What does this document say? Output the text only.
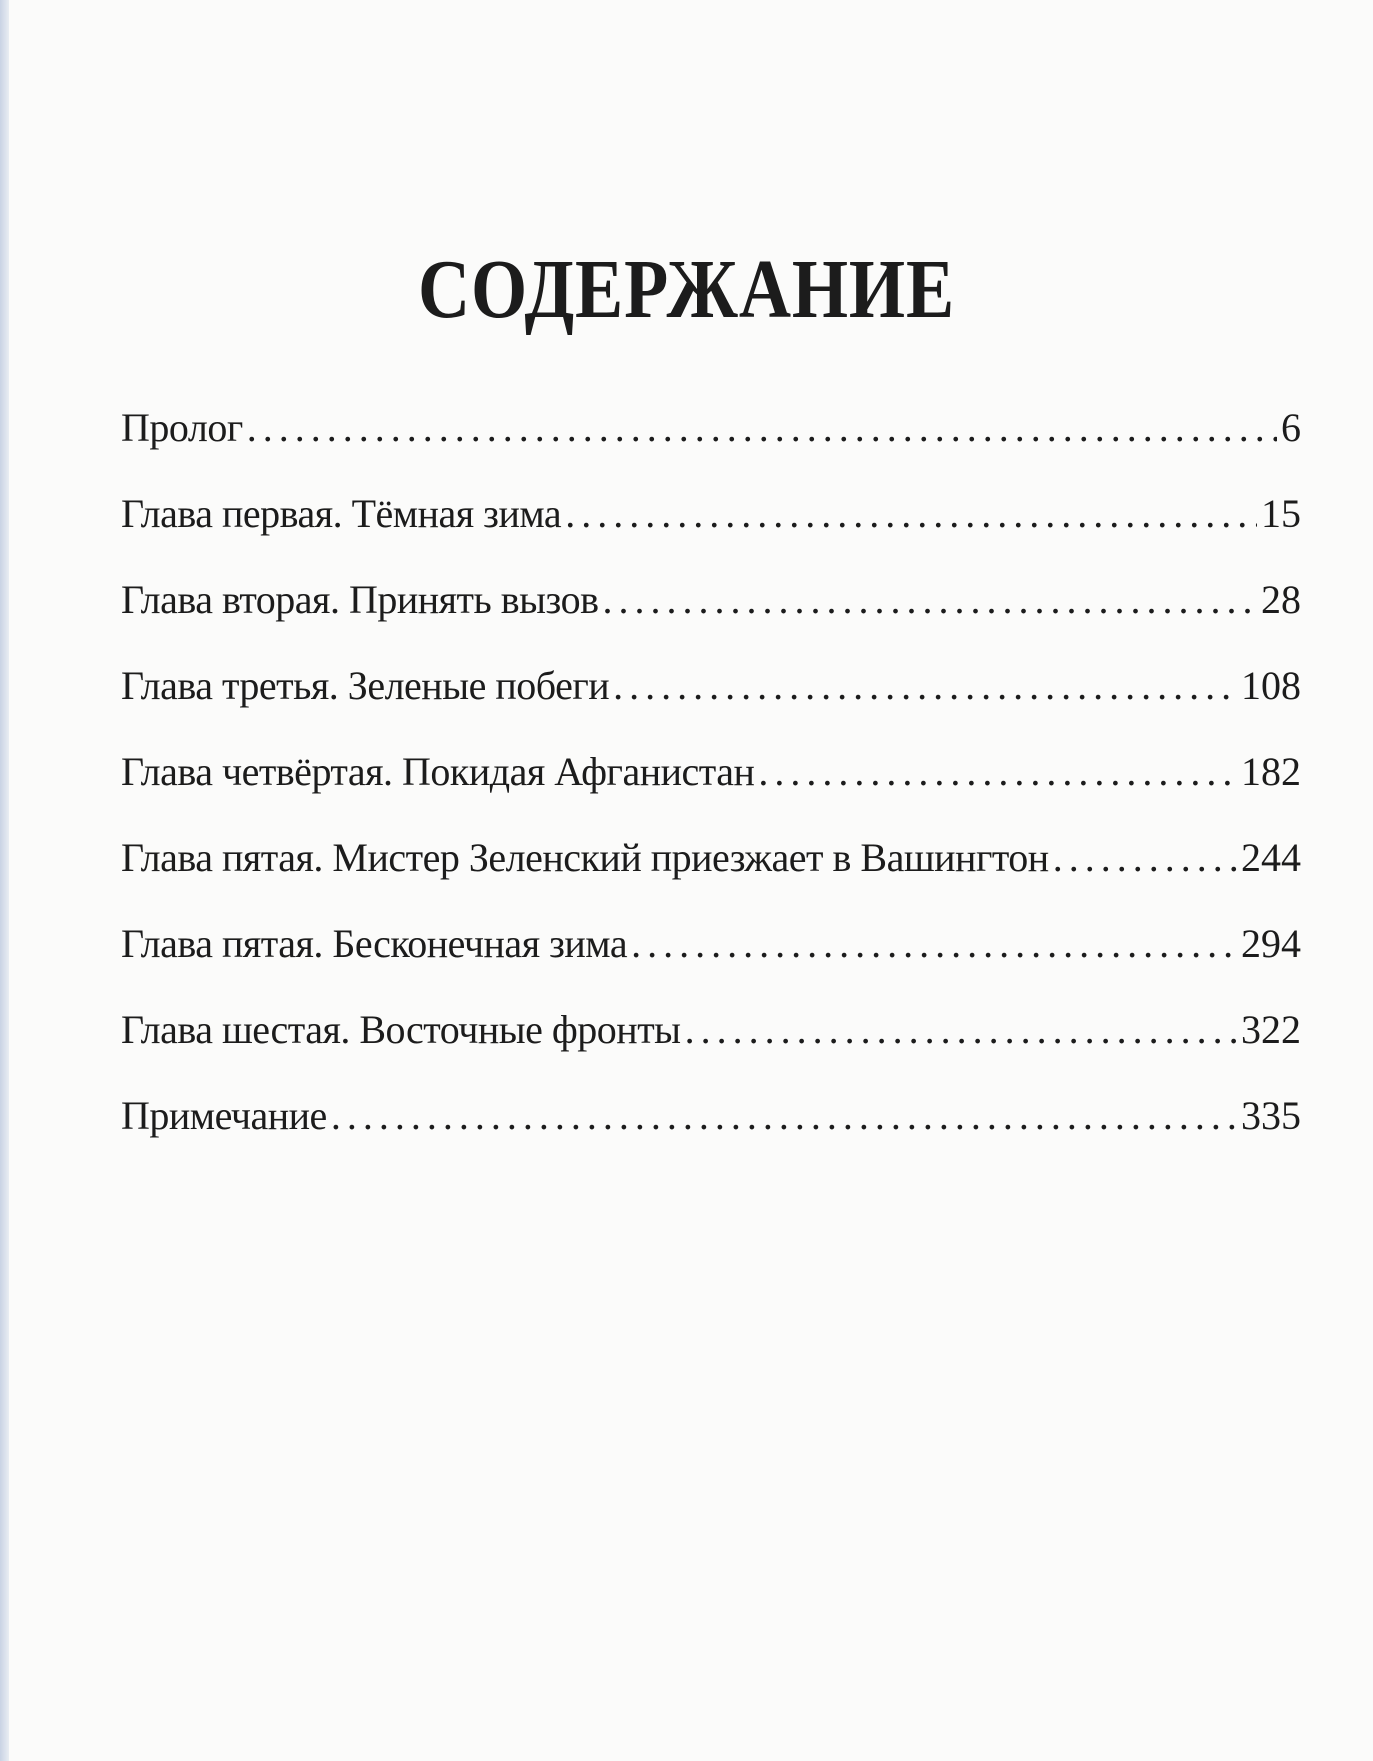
СОДЕРЖАНИЕ
Пролог .....	6
Глава первая. Тёмная зима .....	15
Глава вторая. Принять вызов .....	28
Глава третья. Зеленые побеги .....	108
Глава четвёртая. Покидая Афганистан .....	182
Глава пятая. Мистер Зеленский приезжает в Вашингтон .....	244
Глава пятая. Бесконечная зима .....	294
Глава шестая. Восточные фронты .....	322
Примечание .....	335
